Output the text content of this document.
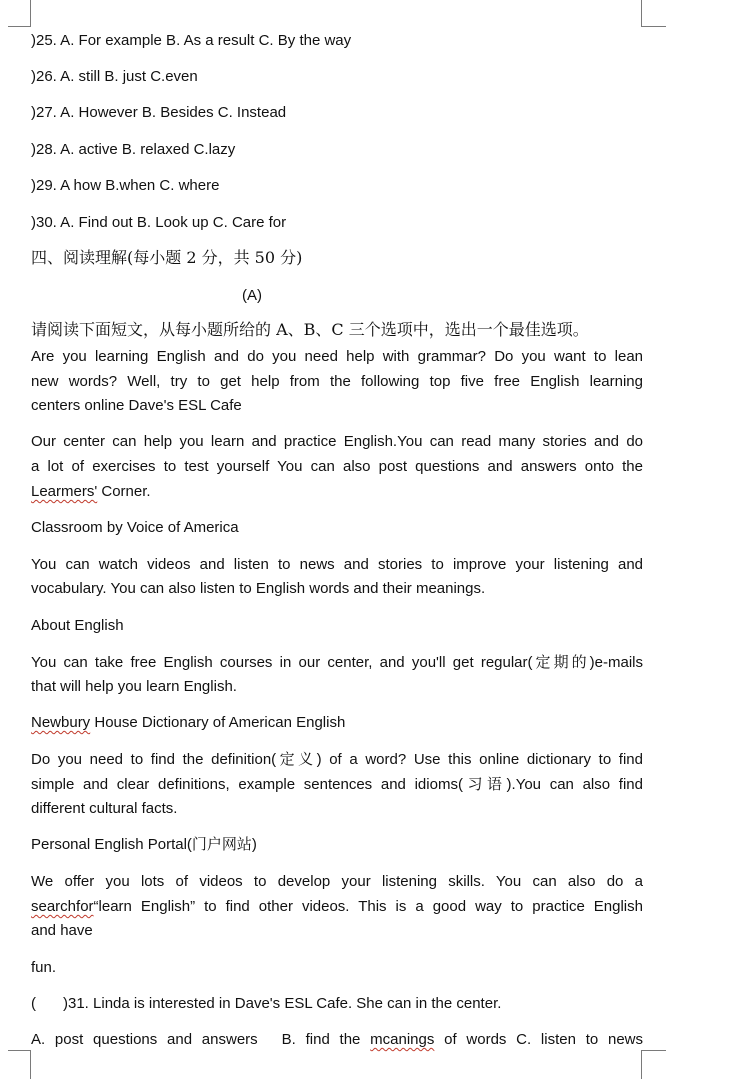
)25. A. For example B. As a result C. By the way
)26. A. still B. just C.even
)27. A. However B. Besides C. Instead
)28. A. active B. relaxed C.lazy
)29. A how B.when C. where
)30. A. Find out B. Look up C. Care for
四、阅读理解(每小题 2 分，共 50 分)
(A)
请阅读下面短文，从每小题所给的 A、B、C 三个选项中，选出一个最佳选项。
Are you learning English and do you need help with grammar? Do you want to lean
new words? Well, try to get help from the following top five free English learning
centers online Dave's ESL Cafe
Our center can help you learn and practice English.You can read many stories and do
a lot of exercises to test yourself You can also post questions and answers onto the
Learmers' Corner.
Classroom by Voice of America
You can watch videos and listen to news and stories to improve your listening and
vocabulary. You can also listen to English words and their meanings.
About English
You can take free English courses in our center, and you'll get regular(定期的)e-mails
that will help you learn English.
Newbury House Dictionary of American English
Do you need to find the definition(定义) of a word? Use this online dictionary to find
simple and clear definitions, example sentences and idioms(习语).You can also find
different cultural facts.
Personal English Portal(门户网站)
We offer you lots of videos to develop your listening skills. You can also do a
searchfor“learn English” to find other videos. This is a good way to practice English
and have
fun.
( )31. Linda is interested in Dave's ESL Cafe. She can in the center.
A. post questions and answers B. find the mcanings of words C. listen to news
